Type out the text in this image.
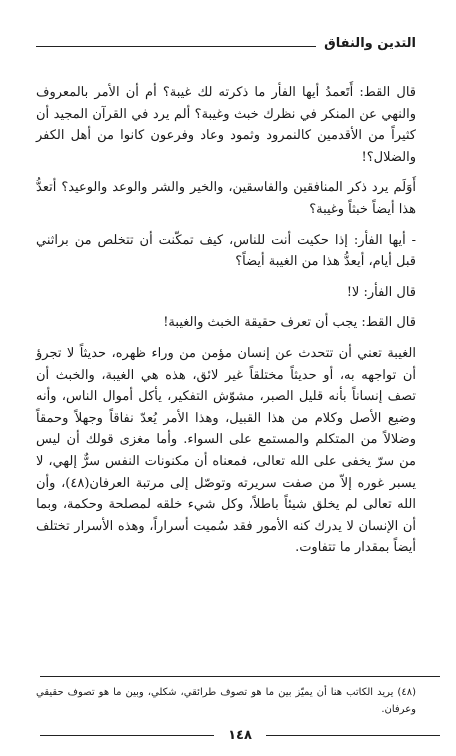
التدين والنفاق

قال القط: أَتَعمدُ أيها الفأر ما ذكرته لك غيبة؟ أم أن الأمر بالمعروف والنهي عن المنكر في نظرك خبث وغيبة؟ ألم يرد في القرآن المجيد أن كثيراً من الأقدمين كالنمرود وثمود وعاد وفرعون كانوا من أهل الكفر والضلال؟!

أَوَلَم يرد ذكر المنافقين والفاسقين، والخير والشر والوعد والوعيد؟ أتعدُّ هذا أيضاً خبثاً وغيبة؟

- أيها الفأر: إذا حكيت أنت للناس، كيف تمكّنت أن تتخلص من براثني قبل أيام، أيعدُّ هذا من الغيبة أيضاً؟

قال الفأر: لا!

قال القط: يجب أن تعرف حقيقة الخبث والغيبة!

الغيبة تعني أن تتحدث عن إنسان مؤمن من وراء ظهره، حديثاً لا تجرؤ أن تواجهه به، أو حديثاً مختلقاً غير لائق، هذه هي الغيبة، والخبث أن تصف إنساناً بأنه قليل الصبر، مشوّش التفكير، يأكل أموال الناس، وأنه وضيع الأصل وكلام من هذا القبيل، وهذا الأمر يُعدّ نفاقاً وجهلاً وحمقاً وضلالاً من المتكلم والمستمع على السواء. وأما مغزى قولك أن ليس من سرّ يخفى على الله تعالى، فمعناه أن مكنونات النفس سرٌّ إلهي، لا يسبر غوره إلاّ من صفت سريرته وتوصّل إلى مرتبة العرفان(٤٨)، وأن الله تعالى لم يخلق شيئاً باطلاً، وكل شيء خلقه لمصلحة وحكمة، وبما أن الإنسان لا يدرك كنه الأمور فقد سُميت أسراراً، وهذه الأسرار تختلف أيضاً بمقدار ما تتفاوت.

(٤٨) يريد الكاتب هنا أن يميّز بين ما هو تصوف طرائقي، شكلي، وبين ما هو تصوف حقيقي وعرفان.
١٤٨
